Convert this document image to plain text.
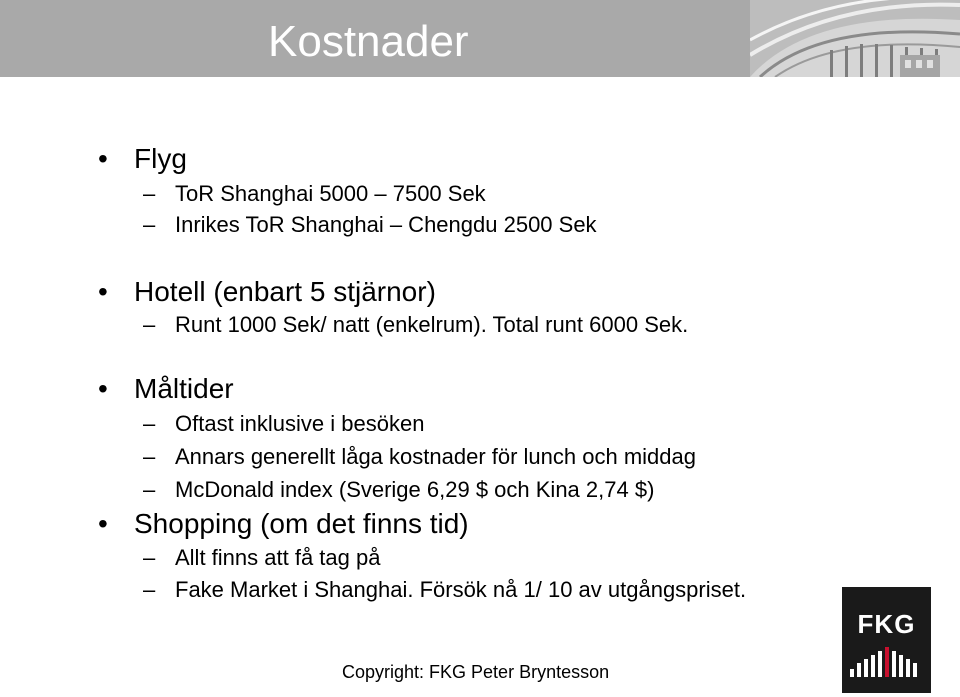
Kostnader
• Flyg
– ToR Shanghai 5000 – 7500 Sek
– Inrikes ToR Shanghai – Chengdu 2500 Sek
• Hotell (enbart 5 stjärnor)
– Runt 1000 Sek/ natt (enkelrum). Total runt 6000 Sek.
• Måltider
– Oftast inklusive i besöken
– Annars generellt låga kostnader för lunch och middag
– McDonald index (Sverige 6,29 $ och Kina 2,74 $)
• Shopping (om det finns tid)
– Allt finns att få tag på
– Fake Market i Shanghai. Försök nå 1/ 10 av utgångspriset.
FKG
Copyright: FKG Peter Bryntesson
